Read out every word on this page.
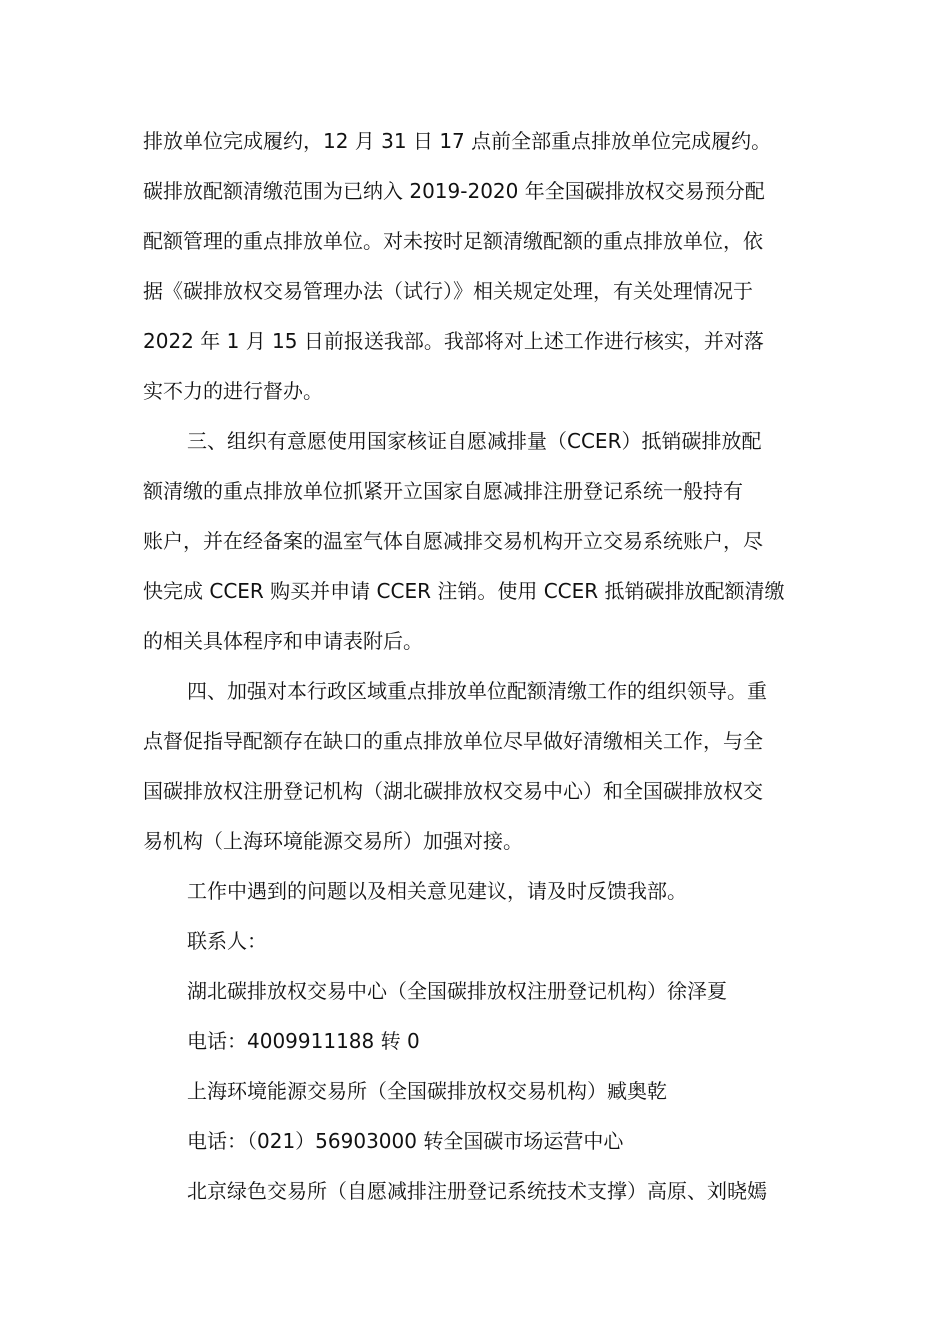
排放单位完成履约，12 月 31 日 17 点前全部重点排放单位完成履约。
碳排放配额清缴范围为已纳入 2019-2020 年全国碳排放权交易预分配
配额管理的重点排放单位。对未按时足额清缴配额的重点排放单位，依
据《碳排放权交易管理办法（试行）》相关规定处理，有关处理情况于
2022 年 1 月 15 日前报送我部。我部将对上述工作进行核实，并对落
实不力的进行督办。
三、组织有意愿使用国家核证自愿减排量（CCER）抵销碳排放配
额清缴的重点排放单位抓紧开立国家自愿减排注册登记系统一般持有
账户，并在经备案的温室气体自愿减排交易机构开立交易系统账户，尽
快完成 CCER 购买并申请 CCER 注销。使用 CCER 抵销碳排放配额清缴
的相关具体程序和申请表附后。
四、加强对本行政区域重点排放单位配额清缴工作的组织领导。重
点督促指导配额存在缺口的重点排放单位尽早做好清缴相关工作，与全
国碳排放权注册登记机构（湖北碳排放权交易中心）和全国碳排放权交
易机构（上海环境能源交易所）加强对接。
工作中遇到的问题以及相关意见建议，请及时反馈我部。
联系人：
湖北碳排放权交易中心（全国碳排放权注册登记机构）徐泽夏
电话：4009911188 转 0
上海环境能源交易所（全国碳排放权交易机构）臧奥乾
电话：（021）56903000 转全国碳市场运营中心
北京绿色交易所（自愿减排注册登记系统技术支撑）高原、刘晓嫣
